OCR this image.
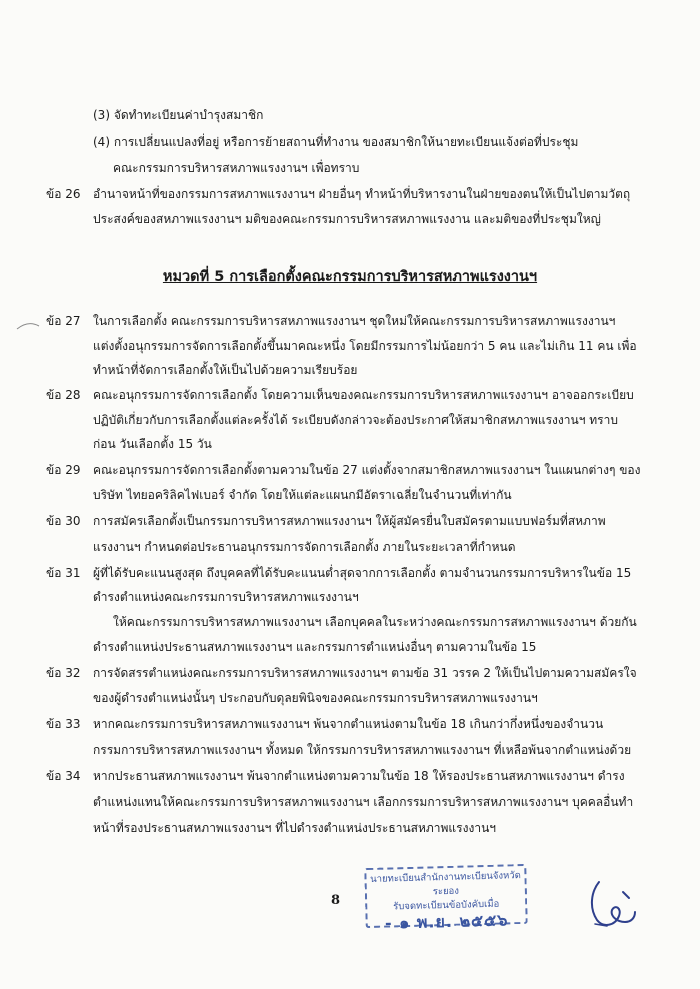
(3) จัดทำทะเบียนค่าบำรุงสมาชิก
(4) การเปลี่ยนแปลงที่อยู่ หรือการย้ายสถานที่ทำงาน ของสมาชิกให้นายทะเบียนแจ้งต่อที่ประชุม
คณะกรรมการบริหารสหภาพแรงงานฯ เพื่อทราบ
ข้อ 26 อำนาจหน้าที่ของกรรมการสหภาพแรงงานฯ ฝ่ายอื่นๆ ทำหน้าที่บริหารงานในฝ่ายของตนให้เป็นไปตามวัตถุ
ประสงค์ของสหภาพแรงงานฯ มติของคณะกรรมการบริหารสหภาพแรงงาน และมติของที่ประชุมใหญ่
หมวดที่ 5 การเลือกตั้งคณะกรรมการบริหารสหภาพแรงงานฯ
ข้อ 27 ในการเลือกตั้ง คณะกรรมการบริหารสหภาพแรงงานฯ ชุดใหม่ให้คณะกรรมการบริหารสหภาพแรงงานฯ
แต่งตั้งอนุกรรมการจัดการเลือกตั้งขึ้นมาคณะหนึ่ง โดยมีกรรมการไม่น้อยกว่า 5 คน และไม่เกิน 11 คน เพื่อ
ทำหน้าที่จัดการเลือกตั้งให้เป็นไปด้วยความเรียบร้อย
ข้อ 28 คณะอนุกรรมการจัดการเลือกตั้ง โดยความเห็นของคณะกรรมการบริหารสหภาพแรงงานฯ อาจออกระเบียบ
ปฏิบัติเกี่ยวกับการเลือกตั้งแต่ละครั้งได้ ระเบียบดังกล่าวจะต้องประกาศให้สมาชิกสหภาพแรงงานฯ ทราบ
ก่อน วันเลือกตั้ง 15 วัน
ข้อ 29 คณะอนุกรรมการจัดการเลือกตั้งตามความในข้อ 27 แต่งตั้งจากสมาชิกสหภาพแรงงานฯ ในแผนกต่างๆ ของ
บริษัท ไทยอคริลิคไฟเบอร์ จำกัด โดยให้แต่ละแผนกมีอัตราเฉลี่ยในจำนวนที่เท่ากัน
ข้อ 30 การสมัครเลือกตั้งเป็นกรรมการบริหารสหภาพแรงงานฯ ให้ผู้สมัครยื่นใบสมัครตามแบบฟอร์มที่สหภาพ
แรงงานฯ กำหนดต่อประธานอนุกรรมการจัดการเลือกตั้ง ภายในระยะเวลาที่กำหนด
ข้อ 31 ผู้ที่ได้รับคะแนนสูงสุด ถึงบุคคลที่ได้รับคะแนนต่ำสุดจากการเลือกตั้ง ตามจำนวนกรรมการบริหารในข้อ 15
ดำรงตำแหน่งคณะกรรมการบริหารสหภาพแรงงานฯ
ให้คณะกรรมการบริหารสหภาพแรงงานฯ เลือกบุคคลในระหว่างคณะกรรมการสหภาพแรงงานฯ ด้วยกัน
ดำรงตำแหน่งประธานสหภาพแรงงานฯ และกรรมการตำแหน่งอื่นๆ ตามความในข้อ 15
ข้อ 32 การจัดสรรตำแหน่งคณะกรรมการบริหารสหภาพแรงงานฯ ตามข้อ 31 วรรค 2 ให้เป็นไปตามความสมัครใจ
ของผู้ดำรงตำแหน่งนั้นๆ ประกอบกับดุลยพินิจของคณะกรรมการบริหารสหภาพแรงงานฯ
ข้อ 33 หากคณะกรรมการบริหารสหภาพแรงงานฯ พ้นจากตำแหน่งตามในข้อ 18 เกินกว่ากึ่งหนึ่งของจำนวน
กรรมการบริหารสหภาพแรงงานฯ ทั้งหมด ให้กรรมการบริหารสหภาพแรงงานฯ ที่เหลือพ้นจากตำแหน่งด้วย
ข้อ 34 หากประธานสหภาพแรงงานฯ พ้นจากตำแหน่งตามความในข้อ 18 ให้รองประธานสหภาพแรงงานฯ ดำรง
ตำแหน่งแทนให้คณะกรรมการบริหารสหภาพแรงงานฯ เลือกกรรมการบริหารสหภาพแรงงานฯ บุคคลอื่นทำ
หน้าที่รองประธานสหภาพแรงงานฯ ที่ไปดำรงตำแหน่งประธานสหภาพแรงงานฯ
8
นายทะเบียนสำนักงานทะเบียนจังหวัดระยอง
รับจดทะเบียนข้อบังคับเมื่อ
- ๑ พ.ย. ๒๕๕๖
